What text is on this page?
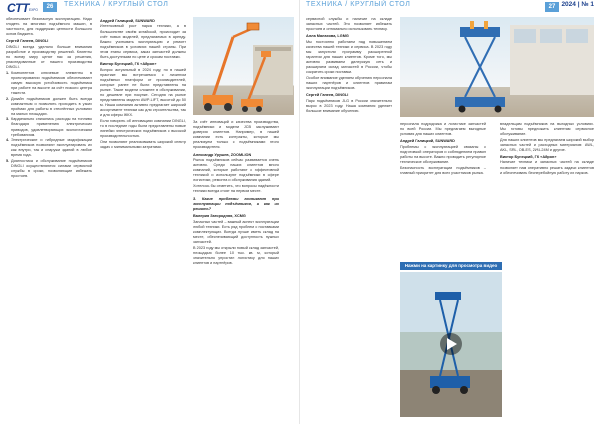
CTT EXPO	26	ТЕХНИКА / КРУГЛЫЙ СТОЛ

обеспечивает безопасную эксплуатацию. Надо глядеть на многими подъёмного машин, в частности, для поддержки ценности большого основ бюджета.

Сергей Гапеев, DINGLI

DINGLI всегда уделяло больше внимания разработке и производству решений. Клиенты по всему миру ценят нас за решения, унаследованные от нашего производства DINGLI.

1. Компонентов ключевые элементы в проектировании подъёмников обеспечивают самую высокую устойчивость подъёмника при работе на высоте за счёт низкого центра тяжести.

2. Дизайн подъёмников должен быть всегда компактным и позволять проходить в узких проёмах для работы в стеснённых условиях на малых площадях.

3. Кардинально снизились расходы на топливо благодаря применению электрических приводов, удовлетворяющих экологическим требованиям.

4. Электрические и гибридные модификации подъёмников позволяют эксплуатировать их как внутри, так и снаружи зданий в любое время года.

5. Диагностика и обслуживание подъёмников DINGLI осуществляются силами сервисной службы в сроки, позволяющие избежать простоев.

Андрей Галицкий, SUNWARD

Интенсивный рост парка техники, а в большинстве своём китайской, происходит за счёт новых моделей, предлагаемых в аренду. Важно учитывать эксплуатацию и ремонт подъёмников в условиях нашей страны. При этом этапы сервиса, заказ запчастей должны быть доступными по цене и срокам поставки.

Виктор Бунецкий, ГК «Айрон»

Вопрос актуальный в 2024 году, но в нашей практике мы встречаемся с лизингом подъёмных платформ от производителей, которые ранее не были представлены на рынке. Такие модели сложнее в обслуживании, но дешевле при покупке. Сегодня на рынке представлены модели AWP-LIFT, высотой до 50 м. Наша компания активно предлагает широкий ассортимент техники как для строительства, так и для сферы ЖКХ.

Если говорить об инновациях компании DINGLI, то в последние годы были представлены новые линейки электрических подъёмников с высокой производительностью.

Они позволяют реализовывать широкий спектр задач с минимальными затратами.

За счёт инноваций и качества производства, подъёмники и модели JCB заслуживают доверия клиентов. Например, в нашей компании есть контракты, которые мы реализуем только с подъёмниками этого производителя.

Александр Урушев, ZOOMLION

Рынок подъёмников сейчас развивается очень активно. Среди наших клиентов много компаний, которые работают с эффективной техникой и используют подъёмники в сфере логистики, ремонта и обслуживания зданий.

Хотелось бы отметить, что вопросы надёжности техники всегда стоят на первом месте.

3. Какие проблемы возникают при эксплуатации подъёмников, и как их решить?

Валерия Загородняя, XCMG

Запасных частей – важный аспект эксплуатации любой техники. Есть ряд проблем с поставками комплектующих. Всегда лучше иметь склад на месте, обеспечивающий доступность нужных запчастей.

В 2023 году мы открыли новый склад запчастей, площадью более 10 тыс. кв. м, который значительно упростил логистику для наших клиентов и партнёров.

ТЕХНИКА / КРУГЛЫЙ СТОЛ	27 2024 | № 1

сервисной службы и наличие на складе запасных частей. Это позволяет избежать простоев и оптимально использовать технику.

Алла Малахова, LGMG

Мы постоянно работаем над повышением качества нашей техники и сервиса. В 2023 году мы запустили программу расширенной гарантии для наших клиентов. Кроме того, мы активно развиваем дилерскую сеть и расширяем склад запчастей в России, чтобы сократить сроки поставки.

Особое внимание уделяем обучению персонала наших партнёров и клиентов правилам эксплуатации подъёмников.

Сергей Гапеев, DINGLI

Парк подъёмников JLG в России значительно вырос в 2023 году. Наша компания уделяет большое внимание обучению.

персонала подрядчика и логистике запчастей по всей России. Мы предлагаем выгодные условия для наших клиентов.

Андрей Галицкий, SUNWARD

Проблемы с эксплуатацией связаны с подготовкой операторов и соблюдением правил работы на высоте. Важно проводить регулярное техническое обслуживание.

Безопасность эксплуатации подъёмников – главный приоритет для всех участников рынка.

владельцам подъёмников на выгодных условиях. Мы готовы предложить клиентам сервисное обслуживание.

Для наших клиентов мы предлагаем широкий выбор запасных частей и расходных материалов: AWL, AKL, SRL, OB-ES, 2ИЧ-24М и другие.

Виктор Бунецкий, ГК «Айрон»

Наличие техники и запасных частей на складе позволяет нам оперативно решать задачи клиентов и обеспечивать бесперебойную работу их парков.

Нажми на картинку для просмотра видео
